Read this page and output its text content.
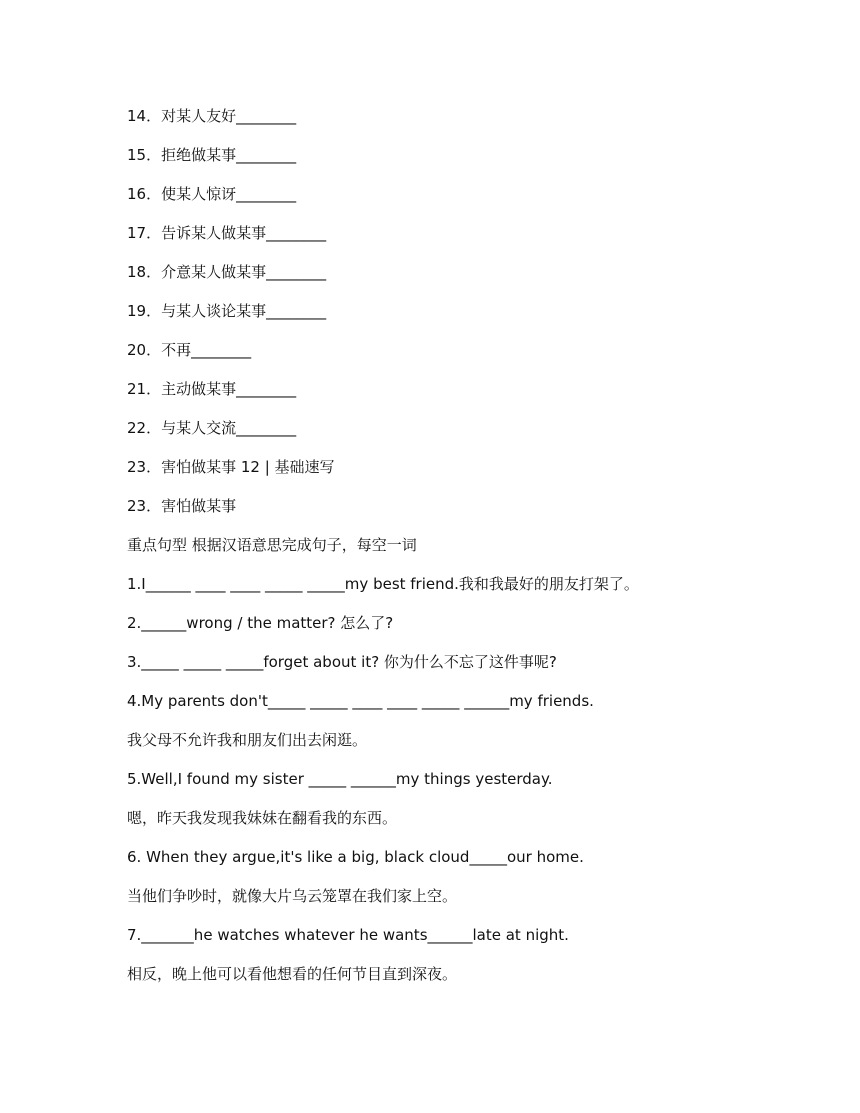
14．对某人友好________
15．拒绝做某事________
16．使某人惊讶________
17．告诉某人做某事________
18．介意某人做某事________
19．与某人谈论某事________
20．不再________
21．主动做某事________
22．与某人交流________
23．害怕做某事 12 | 基础速写
23．害怕做某事
重点句型 根据汉语意思完成句子，每空一词
1.I______ ____ ____ _____ _____my best friend.我和我最好的朋友打架了。
2.______wrong / the matter? 怎么了?
3._____ _____ _____forget about it? 你为什么不忘了这件事呢?
4.My parents don't_____ _____ ____ ____ _____ ______my friends.
我父母不允许我和朋友们出去闲逛。
5.Well,I found my sister _____ ______my things yesterday.
嗯，昨天我发现我妹妹在翻看我的东西。
6. When they argue,it's like a big, black cloud_____our home.
当他们争吵时，就像大片乌云笼罩在我们家上空。
7._______he watches whatever he wants______late at night.
相反，晚上他可以看他想看的任何节目直到深夜。
